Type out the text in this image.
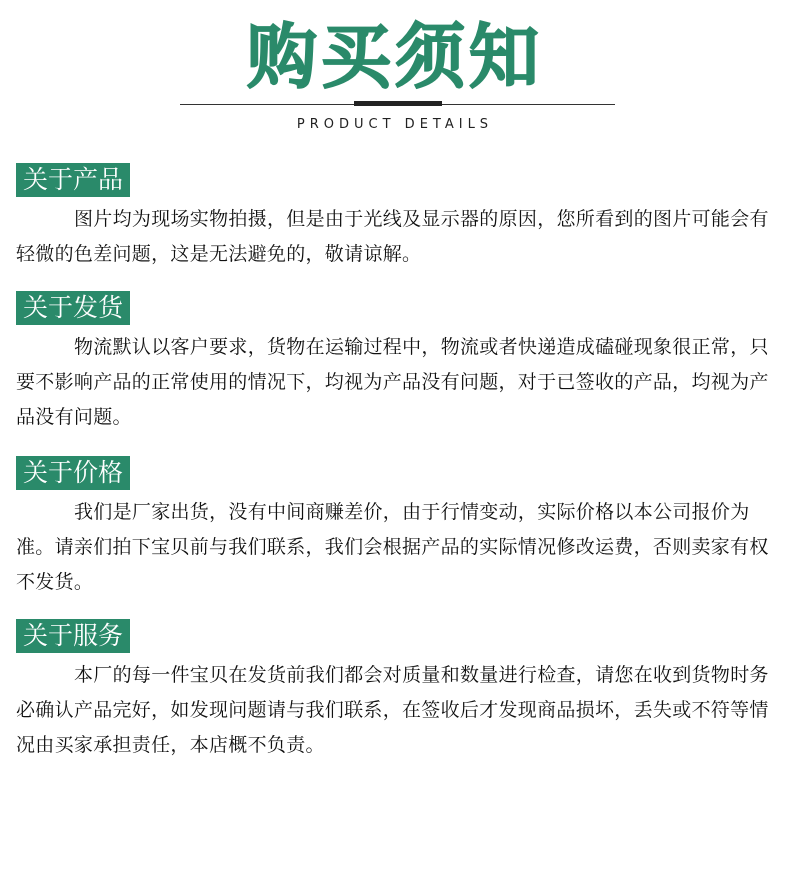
购买须知
PRODUCT DETAILS
关于产品

图片均为现场实物拍摄，但是由于光线及显示器的原因，您所看到的图片可能会有轻微的色差问题，这是无法避免的，敬请谅解。

关于发货

物流默认以客户要求，货物在运输过程中，物流或者快递造成磕碰现象很正常，只要不影响产品的正常使用的情况下，均视为产品没有问题，对于已签收的产品，均视为产品没有问题。

关于价格

我们是厂家出货，没有中间商赚差价，由于行情变动，实际价格以本公司报价为准。请亲们拍下宝贝前与我们联系，我们会根据产品的实际情况修改运费，否则卖家有权不发货。

关于服务

本厂的每一件宝贝在发货前我们都会对质量和数量进行检查，请您在收到货物时务必确认产品完好，如发现问题请与我们联系，在签收后才发现商品损坏，丢失或不符等情况由买家承担责任，本店概不负责。
